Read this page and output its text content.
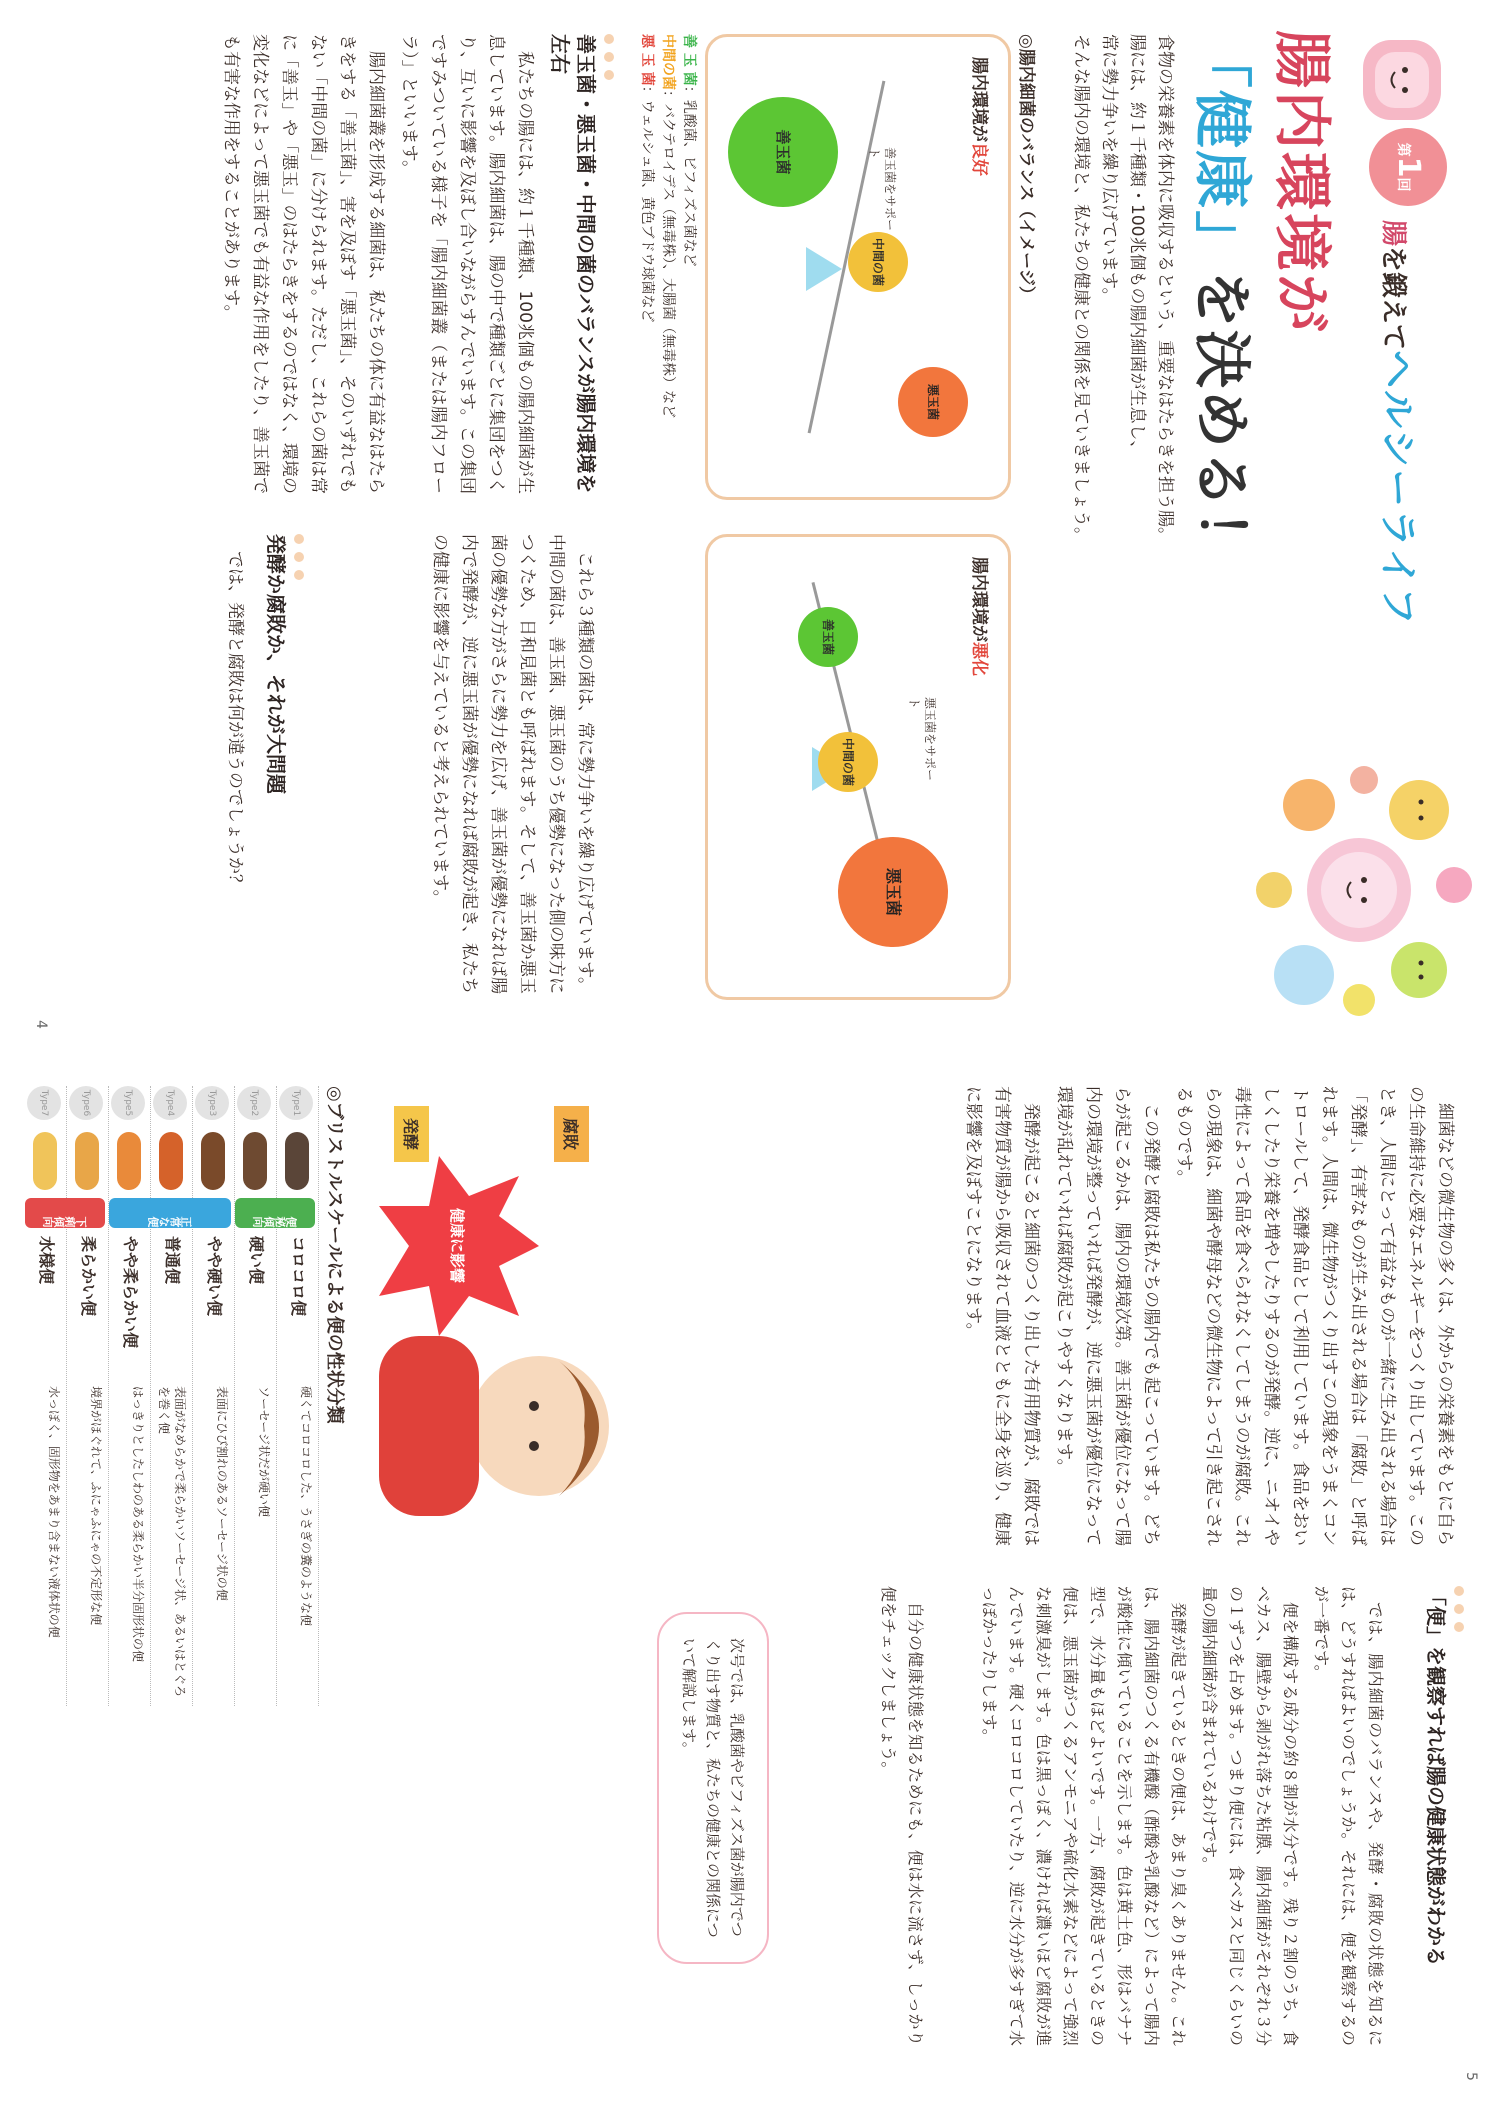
4
第1回
腸を鍛えてヘルシーライフ
腸内環境が
「健康」を決める！
食物の栄養素を体内に吸収するという、重要なはたらきを担う腸。
腸には、約１千種類・100兆個もの腸内細菌が生息し、
常に勢力争いを繰り広げています。
そんな腸内の環境と、私たちの健康との関係を見ていきましょう。
◎腸内細菌のバランス（イメージ）
腸内環境が良好
善玉菌
中間の菌
悪玉菌
善玉菌をサポート
腸内環境が悪化
善玉菌
中間の菌
悪玉菌
悪玉菌をサポート
善 玉 菌：乳酸菌、ビフィズス菌など
中間の菌：バクテロイデス（無毒株）、大腸菌（無毒株）など
悪 玉 菌：ウェルシュ菌、黄色ブドウ球菌など
善玉菌・悪玉菌・中間の菌のバランスが腸内環境を左右

私たちの腸には、約１千種類、100兆個もの腸内細菌が生息しています。腸内細菌は、腸の中で種類ごとに集団をつくり、互いに影響を及ぼし合いながらすんでいます。この集団ですみついている様子を「腸内細菌叢（または腸内フローラ）」といいます。

腸内細菌叢を形成する細菌は、私たちの体に有益なはたらきをする「善玉菌」、害を及ぼす「悪玉菌」、そのいずれでもない「中間の菌」に分けられます。ただし、これらの菌は常に「善玉」や「悪玉」のはたらきをするのではなく、環境の変化などによって悪玉菌でも有益な作用をしたり、善玉菌でも有害な作用をすることがあります。

これら３種類の菌は、常に勢力争いを繰り広げています。中間の菌は、善玉菌、悪玉菌のうち優勢になった側の味方につくため、日和見菌とも呼ばれます。そして、善玉菌か悪玉菌の優勢な方がさらに勢力を広げ、善玉菌が優勢になれば腸内で発酵が、逆に悪玉菌が優勢になれば腐敗が起き、私たちの健康に影響を与えていると考えられています。

発酵か腐敗か、それが大問題

では、発酵と腐敗は何が違うのでしょうか？

5

細菌などの微生物の多くは、外からの栄養素をもとに自らの生命維持に必要なエネルギーをつくり出しています。このとき、人間にとって有益なものが一緒に生み出される場合は「発酵」、有害なものが生み出される場合は「腐敗」と呼ばれます。人間は、微生物がつくり出すこの現象をうまくコントロールして、発酵食品として利用しています。食品をおいしくしたり栄養を増やしたりするのが発酵。逆に、ニオイや毒性によって食品を食べられなくしてしまうのが腐敗。これらの現象は、細菌や酵母などの微生物によって引き起こされるものです。

この発酵と腐敗は私たちの腸内でも起こっています。どちらが起こるかは、腸内の環境次第。善玉菌が優位になって腸内の環境が整っていれば発酵が、逆に悪玉菌が優位になって環境が乱れていれば腐敗が起こりやすくなります。

発酵が起こると細菌のつくり出した有用物質が、腐敗では有害物質が腸から吸収されて血液とともに全身を巡り、健康に影響を及ぼすことになります。

発酵	腐敗
健康に影響
「便」を観察すれば腸の健康状態がわかる

では、腸内細菌のバランスや、発酵・腐敗の状態を知るには、どうすればよいのでしょうか。それには、便を観察するのが一番です。

便を構成する成分の約８割が水分です。残り２割のうち、食べカス、腸壁から剥がれ落ちた粘膜、腸内細菌がそれぞれ３分の１ずつを占めます。つまり便には、食べカスと同じくらいの量の腸内細菌が含まれているわけです。

発酵が起きているときの便は、あまり臭くありません。これは、腸内細菌のつくる有機酸（酢酸や乳酸など）によって腸内が酸性に傾いていることを示します。色は黄土色、形はバナナ型で、水分量もほどよいです。一方、腐敗が起きているときの便は、悪玉菌がつくるアンモニアや硫化水素などによって強烈な刺激臭がします。色は黒っぽく、濃ければ濃いほど腐敗が進んでいます。硬くコロコロしていたり、逆に水分が多すぎて水っぽかったりします。

次号では、乳酸菌やビフィズス菌が腸内でつくり出す物質と、私たちの健康との関係について解説します。	自分の健康状態を知るためにも、便は水に流さず、しっかり便をチェックしましょう。

◎ブリストルスケールによる便の性状分類
Type1
コロコロ便
硬くてコロコロした、うさぎの糞のような便
Type2
硬い便
ソーセージ状だが硬い便
Type3
やや硬い便
表面にひび割れのあるソーセージ状の便
Type4
普通便
表面がなめらかで柔らかいソーセージ状、あるいはとぐろを巻く便
Type5
やや柔らかい便
はっきりとしたしわのある柔らかい半分固形状の便
Type6
柔らかい便
境界がほぐれて、ふにゃふにゃの不定形な便
Type7
水様便
水っぽく、固形物をあまり含まない液体状の便
便秘傾向
正常な便
下痢傾向
